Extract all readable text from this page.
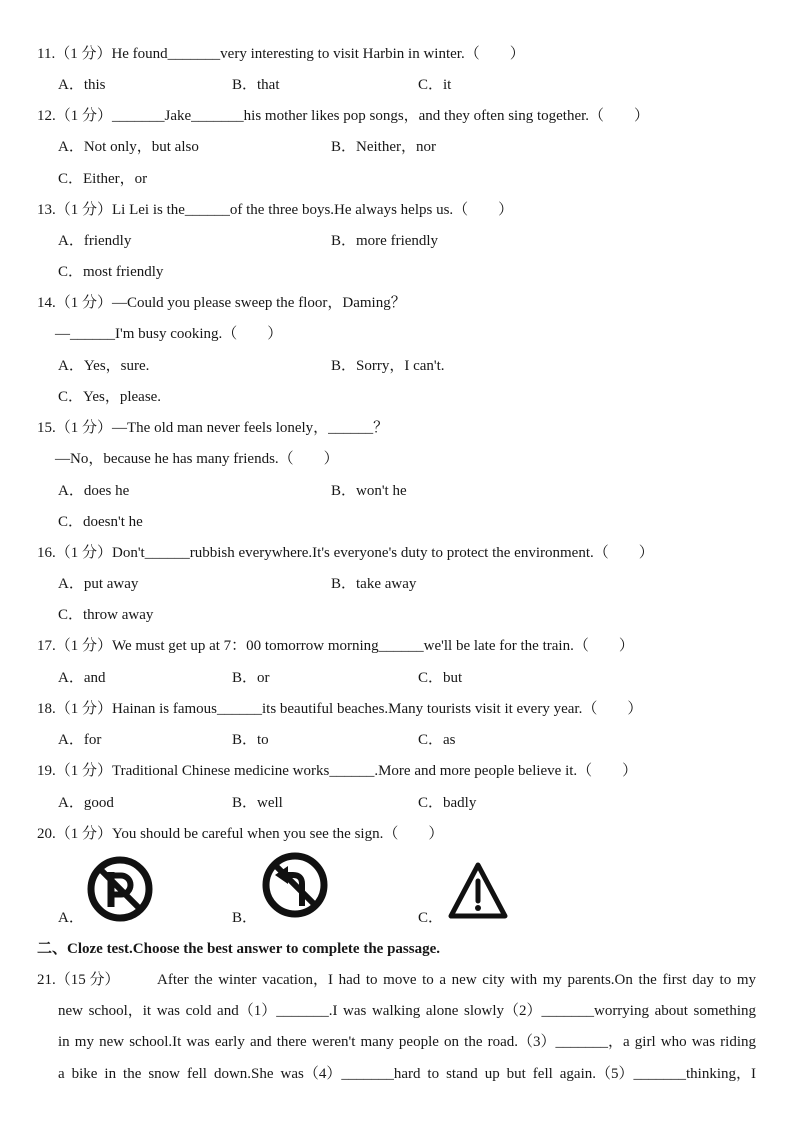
11.（1 分）He found_______very interesting to visit Harbin in winter.（　　）
A．this	B．that	C．it
12.（1 分）_______Jake_______his mother likes pop songs，and they often sing together.（　　）
A．Not only，but also	B．Neither，nor
C．Either，or
13.（1 分）Li Lei is the______of the three boys.He always helps us.（　　）
A．friendly	B．more friendly
C．most friendly
14.（1 分）—Could you please sweep the floor，Daming？
—______I'm busy cooking.（　　）
A．Yes，sure.	B．Sorry，I can't.
C．Yes，please.
15.（1 分）—The old man never feels lonely，______？
—No，because he has many friends.（　　）
A．does he	B．won't he
C．doesn't he
16.（1 分）Don't______rubbish everywhere.It's everyone's duty to protect the environment.（　　）
A．put away	B．take away
C．throw away
17.（1 分）We must get up at 7：00 tomorrow morning______we'll be late for the train.（　　）
A．and	B．or	C．but
18.（1 分）Hainan is famous______its beautiful beaches.Many tourists visit it every year.（　　）
A．for	B．to	C．as
19.（1 分）Traditional Chinese medicine works______.More and more people believe it.（　　）
A．good	B．well	C．badly
20.（1 分）You should be careful when you see the sign.（　　）
A．	B．	C．
二、Cloze test.Choose the best answer to complete the passage.
21.（15 分） After the winter vacation，I had to move to a new city with my parents.On the first day to my
new school，it was cold and（1）_______.I was walking alone slowly（2）_______worrying about something
in my new school.It was early and there weren't many people on the road.（3）_______，a girl who was riding
a bike in the snow fell down.She was（4）_______hard to stand up but fell again.（5）_______thinking，I
